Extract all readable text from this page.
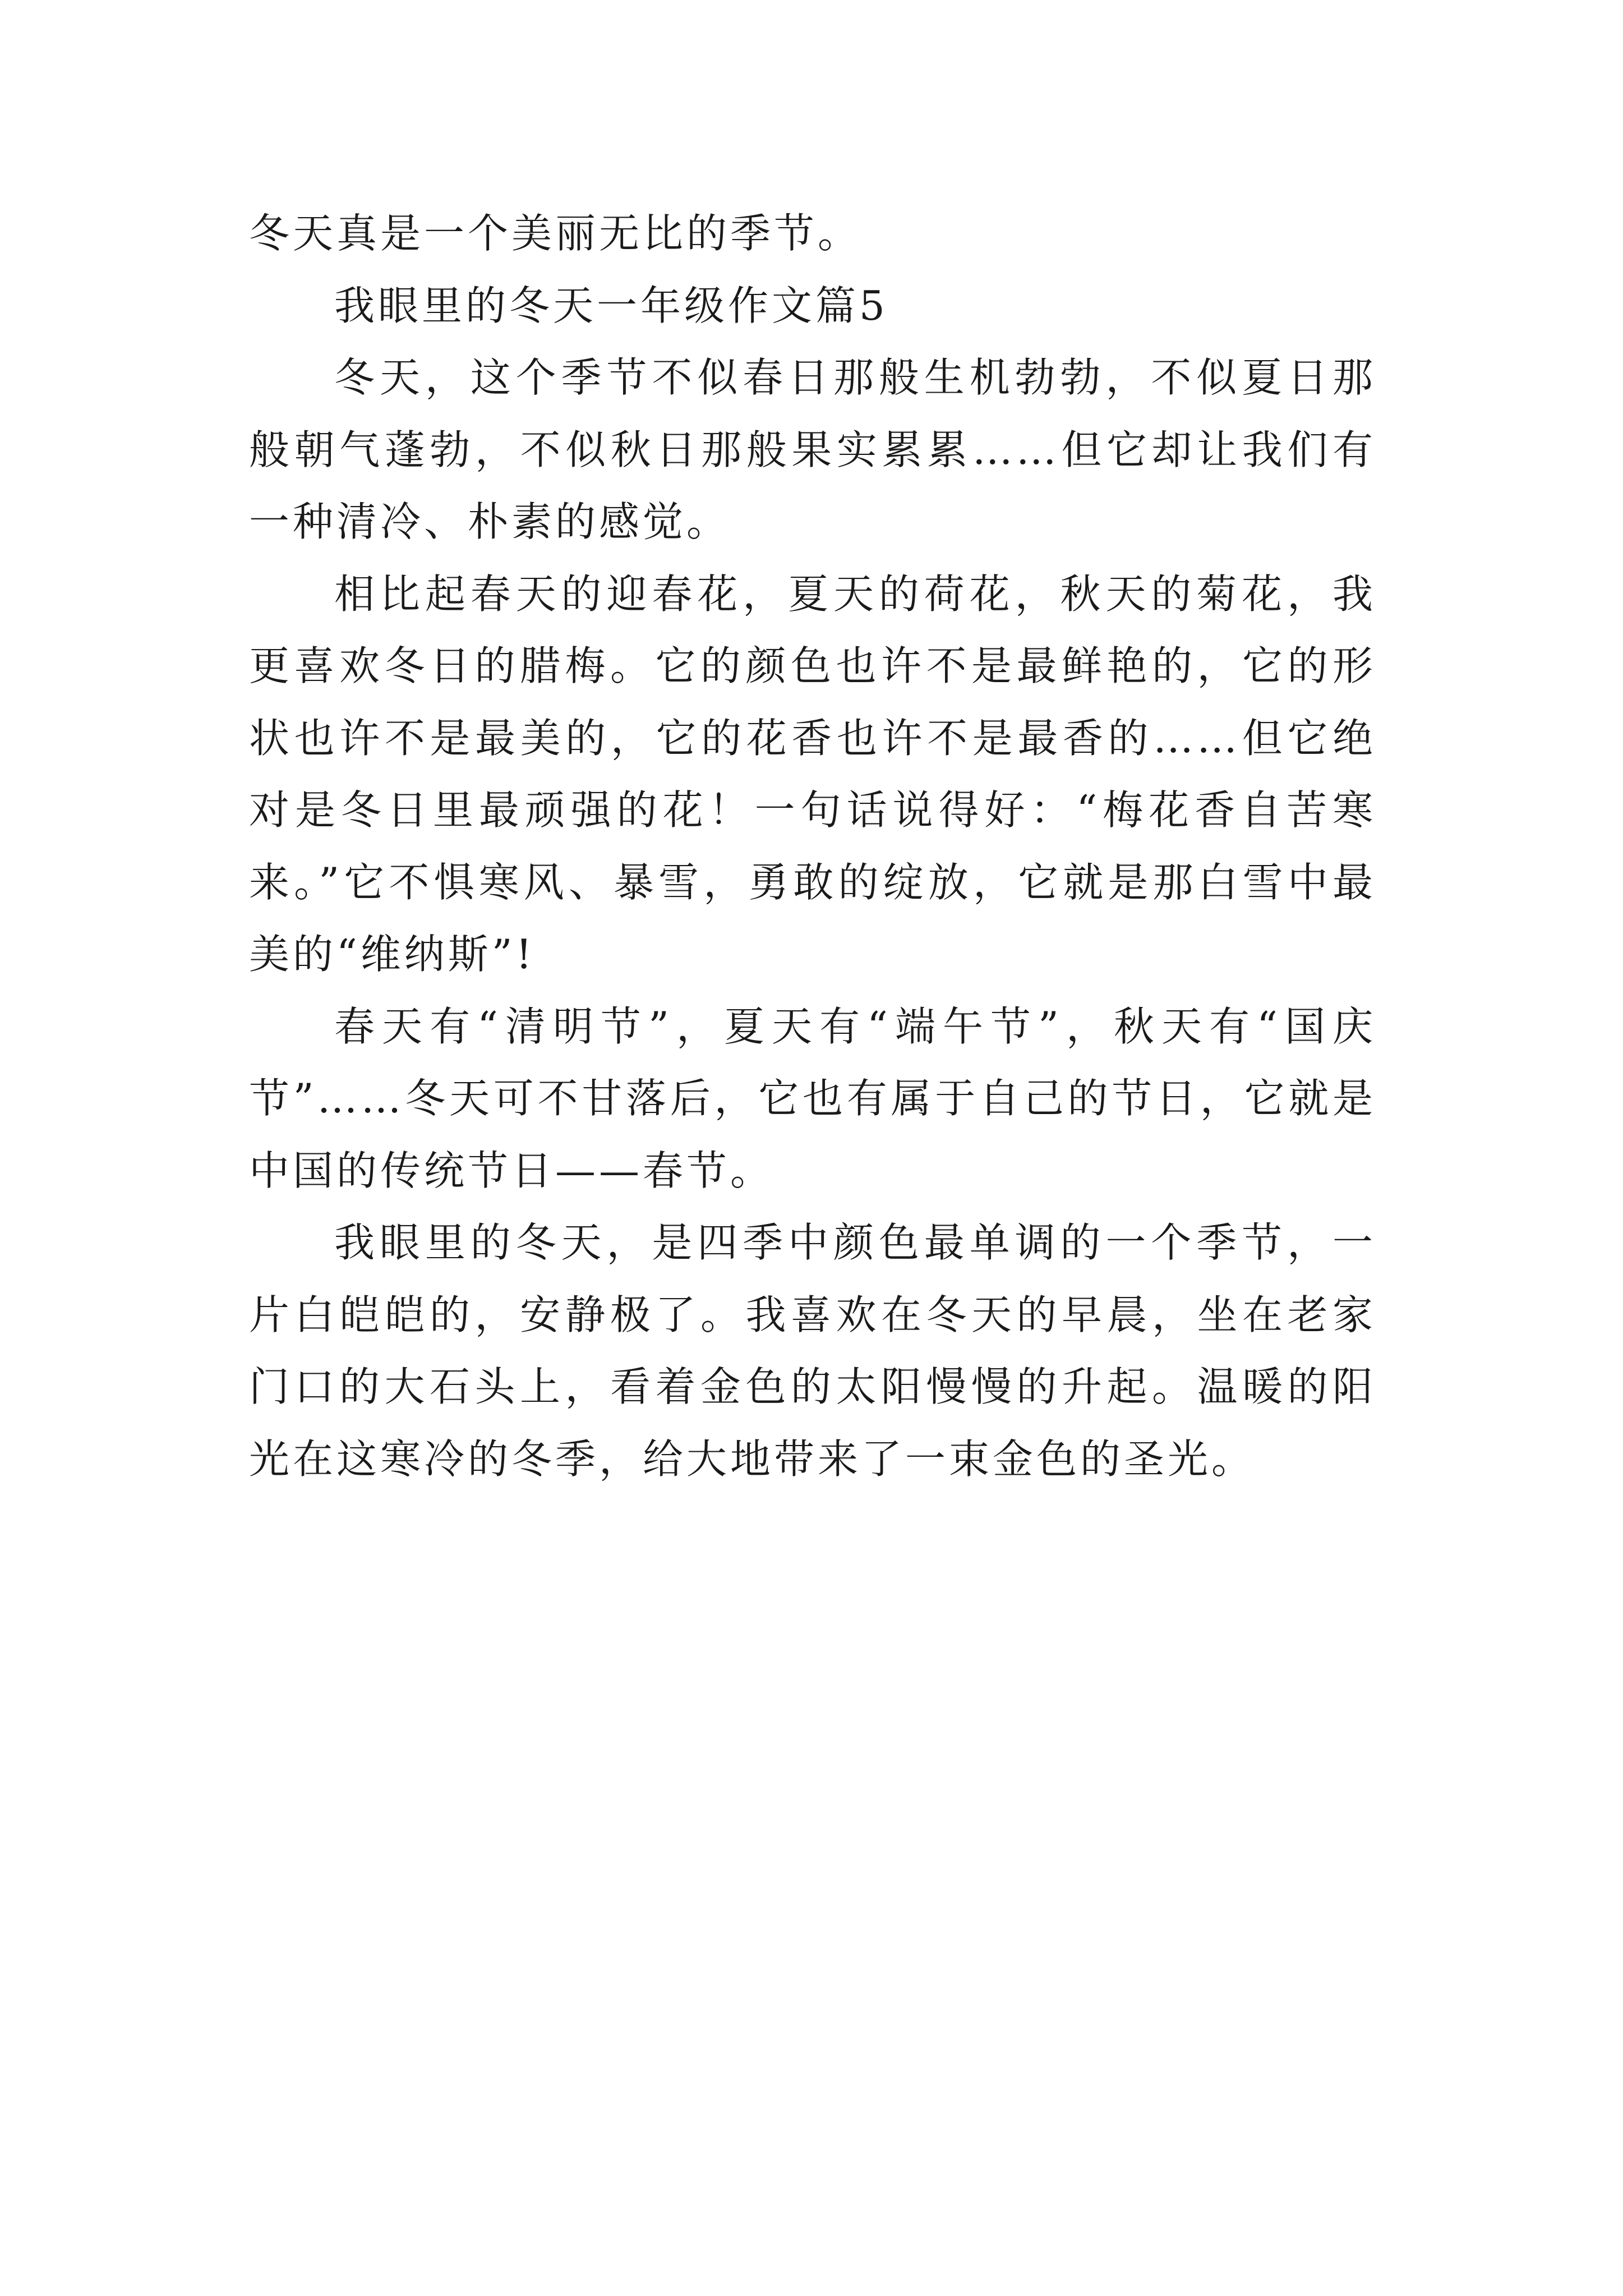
冬天真是一个美丽无比的季节。

我眼里的冬天一年级作文篇5

冬天，这个季节不似春日那般生机勃勃，不似夏日那般朝气蓬勃，不似秋日那般果实累累……但它却让我们有一种清冷、朴素的感觉。

相比起春天的迎春花，夏天的荷花，秋天的菊花，我更喜欢冬日的腊梅。它的颜色也许不是最鲜艳的，它的形状也许不是最美的，它的花香也许不是最香的……但它绝对是冬日里最顽强的花！一句话说得好：“梅花香自苦寒来。”它不惧寒风、暴雪，勇敢的绽放，它就是那白雪中最美的“维纳斯”!

春天有“清明节”，夏天有“端午节”，秋天有“国庆节”……冬天可不甘落后，它也有属于自己的节日，它就是中国的传统节日——春节。

我眼里的冬天，是四季中颜色最单调的一个季节，一片白皑皑的，安静极了。我喜欢在冬天的早晨，坐在老家门口的大石头上，看着金色的太阳慢慢的升起。温暖的阳光在这寒冷的冬季，给大地带来了一束金色的圣光。
